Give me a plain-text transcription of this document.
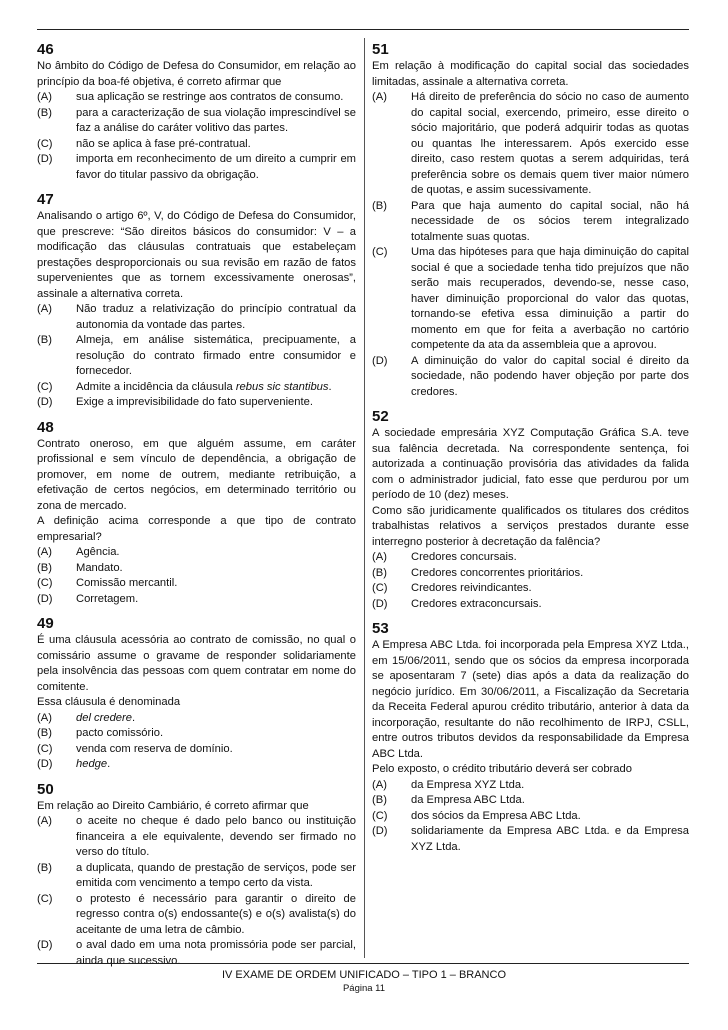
46
No âmbito do Código de Defesa do Consumidor, em relação ao princípio da boa-fé objetiva, é correto afirmar que
(A)	sua aplicação se restringe aos contratos de consumo.
(B)	para a caracterização de sua violação imprescindível se faz a análise do caráter volitivo das partes.
(C)	não se aplica à fase pré-contratual.
(D)	importa em reconhecimento de um direito a cumprir em favor do titular passivo da obrigação.
47
Analisando o artigo 6º, V, do Código de Defesa do Consumidor, que prescreve: “São direitos básicos do consumidor: V – a modificação das cláusulas contratuais que estabeleçam prestações desproporcionais ou sua revisão em razão de fatos supervenientes que as tornem excessivamente onerosas”, assinale a alternativa correta.
(A)	Não traduz a relativização do princípio contratual da autonomia da vontade das partes.
(B)	Almeja, em análise sistemática, precipuamente, a resolução do contrato firmado entre consumidor e fornecedor.
(C)	Admite a incidência da cláusula rebus sic stantibus.
(D)	Exige a imprevisibilidade do fato superveniente.
48
Contrato oneroso, em que alguém assume, em caráter profissional e sem vínculo de dependência, a obrigação de promover, em nome de outrem, mediante retribuição, a efetivação de certos negócios, em determinado território ou zona de mercado.
A definição acima corresponde a que tipo de contrato empresarial?
(A)	Agência.
(B)	Mandato.
(C)	Comissão mercantil.
(D)	Corretagem.
49
É uma cláusula acessória ao contrato de comissão, no qual o comissário assume o gravame de responder solidariamente pela insolvência das pessoas com quem contratar em nome do comitente.
Essa cláusula é denominada
(A)	del credere.
(B)	pacto comissório.
(C)	venda com reserva de domínio.
(D)	hedge.
50
Em relação ao Direito Cambiário, é correto afirmar que
(A)	o aceite no cheque é dado pelo banco ou instituição financeira a ele equivalente, devendo ser firmado no verso do título.
(B)	a duplicata, quando de prestação de serviços, pode ser emitida com vencimento a tempo certo da vista.
(C)	o protesto é necessário para garantir o direito de regresso contra o(s) endossante(s) e o(s) avalista(s) do aceitante de uma letra de câmbio.
(D)	o aval dado em uma nota promissória pode ser parcial, ainda que sucessivo.
51
Em relação à modificação do capital social das sociedades limitadas, assinale a alternativa correta.
(A)	Há direito de preferência do sócio no caso de aumento do capital social, exercendo, primeiro, esse direito o sócio majoritário, que poderá adquirir todas as quotas ou quantas lhe interessarem. Após exercido esse direito, caso restem quotas a serem adquiridas, terá preferência sobre os demais quem tiver maior número de quotas, e assim sucessivamente.
(B)	Para que haja aumento do capital social, não há necessidade de os sócios terem integralizado totalmente suas quotas.
(C)	Uma das hipóteses para que haja diminuição do capital social é que a sociedade tenha tido prejuízos que não serão mais recuperados, devendo-se, nesse caso, haver diminuição proporcional do valor das quotas, tornando-se efetiva essa diminuição a partir do momento em que for feita a averbação no cartório competente da ata da assembleia que a aprovou.
(D)	A diminuição do valor do capital social é direito da sociedade, não podendo haver objeção por parte dos credores.
52
A sociedade empresária XYZ Computação Gráfica S.A. teve sua falência decretada. Na correspondente sentença, foi autorizada a continuação provisória das atividades da falida com o administrador judicial, fato esse que perdurou por um período de 10 (dez) meses.
Como são juridicamente qualificados os titulares dos créditos trabalhistas relativos a serviços prestados durante esse interregno posterior à decretação da falência?
(A)	Credores concursais.
(B)	Credores concorrentes prioritários.
(C)	Credores reivindicantes.
(D)	Credores extraconcursais.
53
A Empresa ABC Ltda. foi incorporada pela Empresa XYZ Ltda., em 15/06/2011, sendo que os sócios da empresa incorporada se aposentaram 7 (sete) dias após a data da realização do negócio jurídico. Em 30/06/2011, a Fiscalização da Secretaria da Receita Federal apurou crédito tributário, anterior à data da incorporação, resultante do não recolhimento de IRPJ, CSLL, entre outros tributos devidos da responsabilidade da Empresa ABC Ltda.
Pelo exposto, o crédito tributário deverá ser cobrado
(A)	da Empresa XYZ Ltda.
(B)	da Empresa ABC Ltda.
(C)	dos sócios da Empresa ABC Ltda.
(D)	solidariamente da Empresa ABC Ltda. e da Empresa XYZ Ltda.
IV EXAME DE ORDEM UNIFICADO – TIPO 1 – BRANCO
Página 11
